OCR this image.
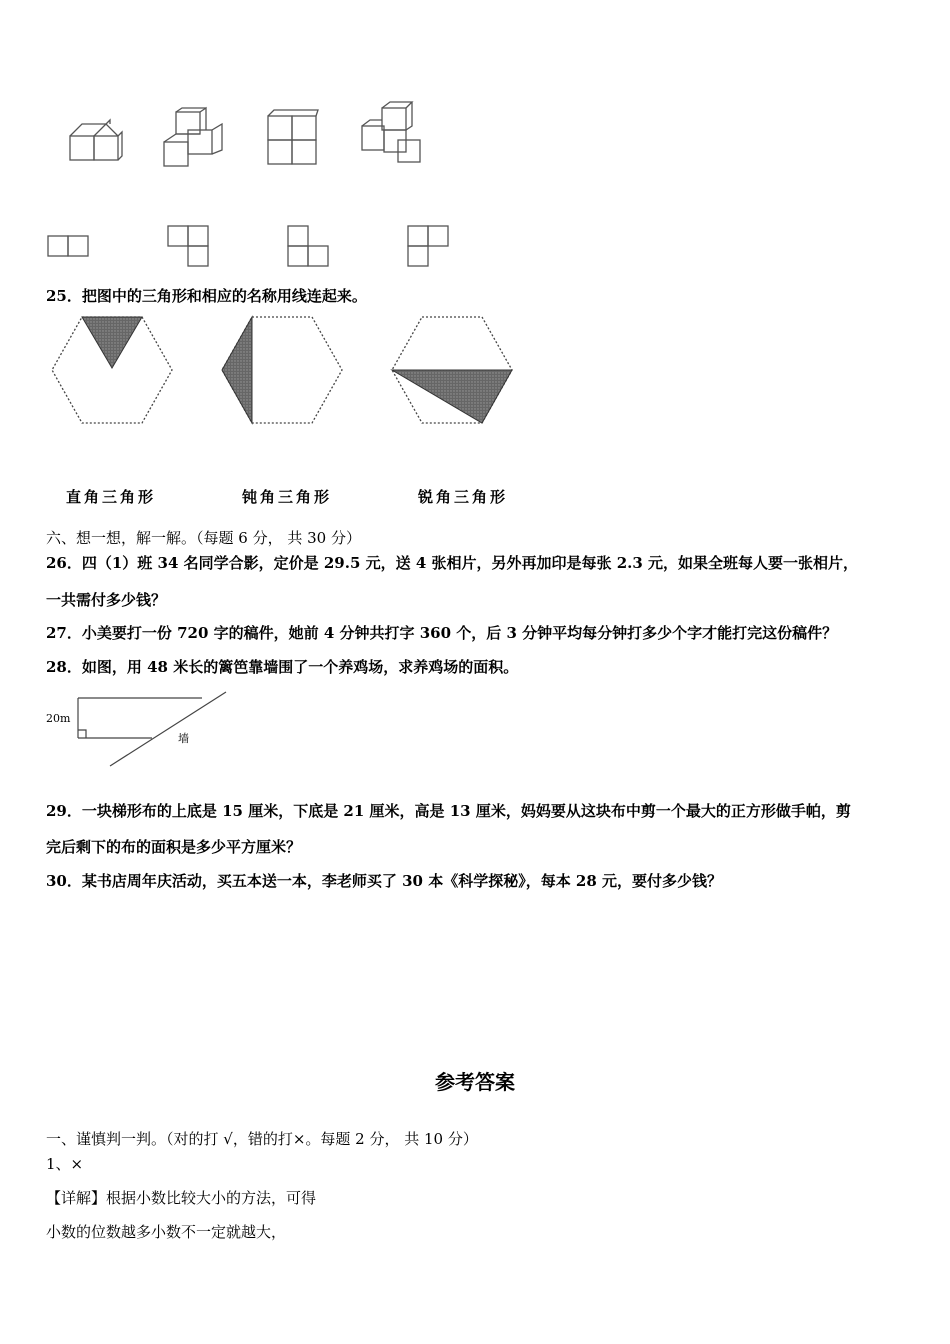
25．把图中的三角形和相应的名称用线连起来。
直角三角形	钝角三角形	锐角三角形
六、想一想，解一解。（每题 6 分， 共 30 分）
26．四（1）班 34 名同学合影，定价是 29.5 元，送 4 张相片，另外再加印是每张 2.3 元，如果全班每人要一张相片，
一共需付多少钱？
27．小美要打一份 720 字的稿件，她前 4 分钟共打字 360 个，后 3 分钟平均每分钟打多少个字才能打完这份稿件？
28．如图，用 48 米长的篱笆靠墙围了一个养鸡场，求养鸡场的面积。
20m
墙
29．一块梯形布的上底是 15 厘米，下底是 21 厘米，高是 13 厘米，妈妈要从这块布中剪一个最大的正方形做手帕，剪
完后剩下的布的面积是多少平方厘米？
30．某书店周年庆活动，买五本送一本，李老师买了 30 本《科学探秘》，每本 28 元，要付多少钱？
参考答案
一、谨慎判一判。（对的打 √，错的打×。每题 2 分， 共 10 分）
1、×
【详解】根据小数比较大小的方法，可得
小数的位数越多小数不一定就越大，
